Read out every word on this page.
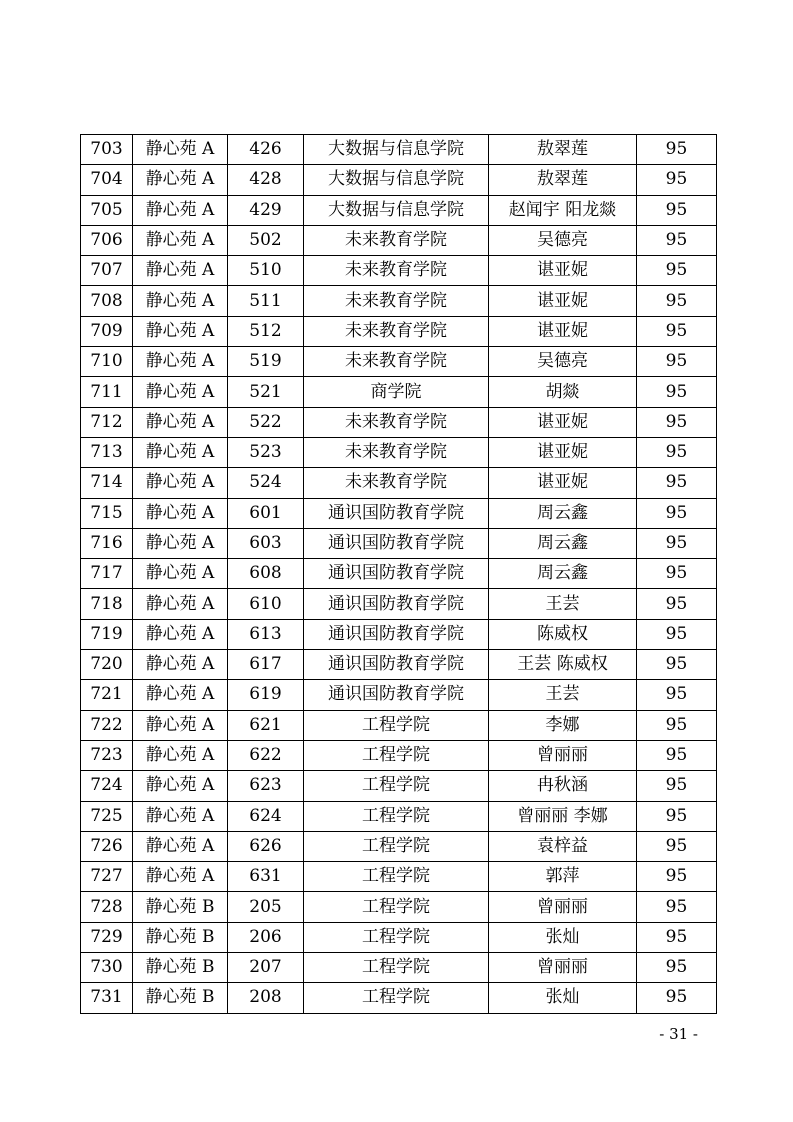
703	静心苑 A	426	大数据与信息学院	敖翠莲	95
704	静心苑 A	428	大数据与信息学院	敖翠莲	95
705	静心苑 A	429	大数据与信息学院	赵闻宇 阳龙燚	95
706	静心苑 A	502	未来教育学院	吴德亮	95
707	静心苑 A	510	未来教育学院	谌亚妮	95
708	静心苑 A	511	未来教育学院	谌亚妮	95
709	静心苑 A	512	未来教育学院	谌亚妮	95
710	静心苑 A	519	未来教育学院	吴德亮	95
711	静心苑 A	521	商学院	胡燚	95
712	静心苑 A	522	未来教育学院	谌亚妮	95
713	静心苑 A	523	未来教育学院	谌亚妮	95
714	静心苑 A	524	未来教育学院	谌亚妮	95
715	静心苑 A	601	通识国防教育学院	周云鑫	95
716	静心苑 A	603	通识国防教育学院	周云鑫	95
717	静心苑 A	608	通识国防教育学院	周云鑫	95
718	静心苑 A	610	通识国防教育学院	王芸	95
719	静心苑 A	613	通识国防教育学院	陈威权	95
720	静心苑 A	617	通识国防教育学院	王芸 陈威权	95
721	静心苑 A	619	通识国防教育学院	王芸	95
722	静心苑 A	621	工程学院	李娜	95
723	静心苑 A	622	工程学院	曾丽丽	95
724	静心苑 A	623	工程学院	冉秋涵	95
725	静心苑 A	624	工程学院	曾丽丽 李娜	95
726	静心苑 A	626	工程学院	袁梓益	95
727	静心苑 A	631	工程学院	郭萍	95
728	静心苑 B	205	工程学院	曾丽丽	95
729	静心苑 B	206	工程学院	张灿	95
730	静心苑 B	207	工程学院	曾丽丽	95
731	静心苑 B	208	工程学院	张灿	95
- 31 -
